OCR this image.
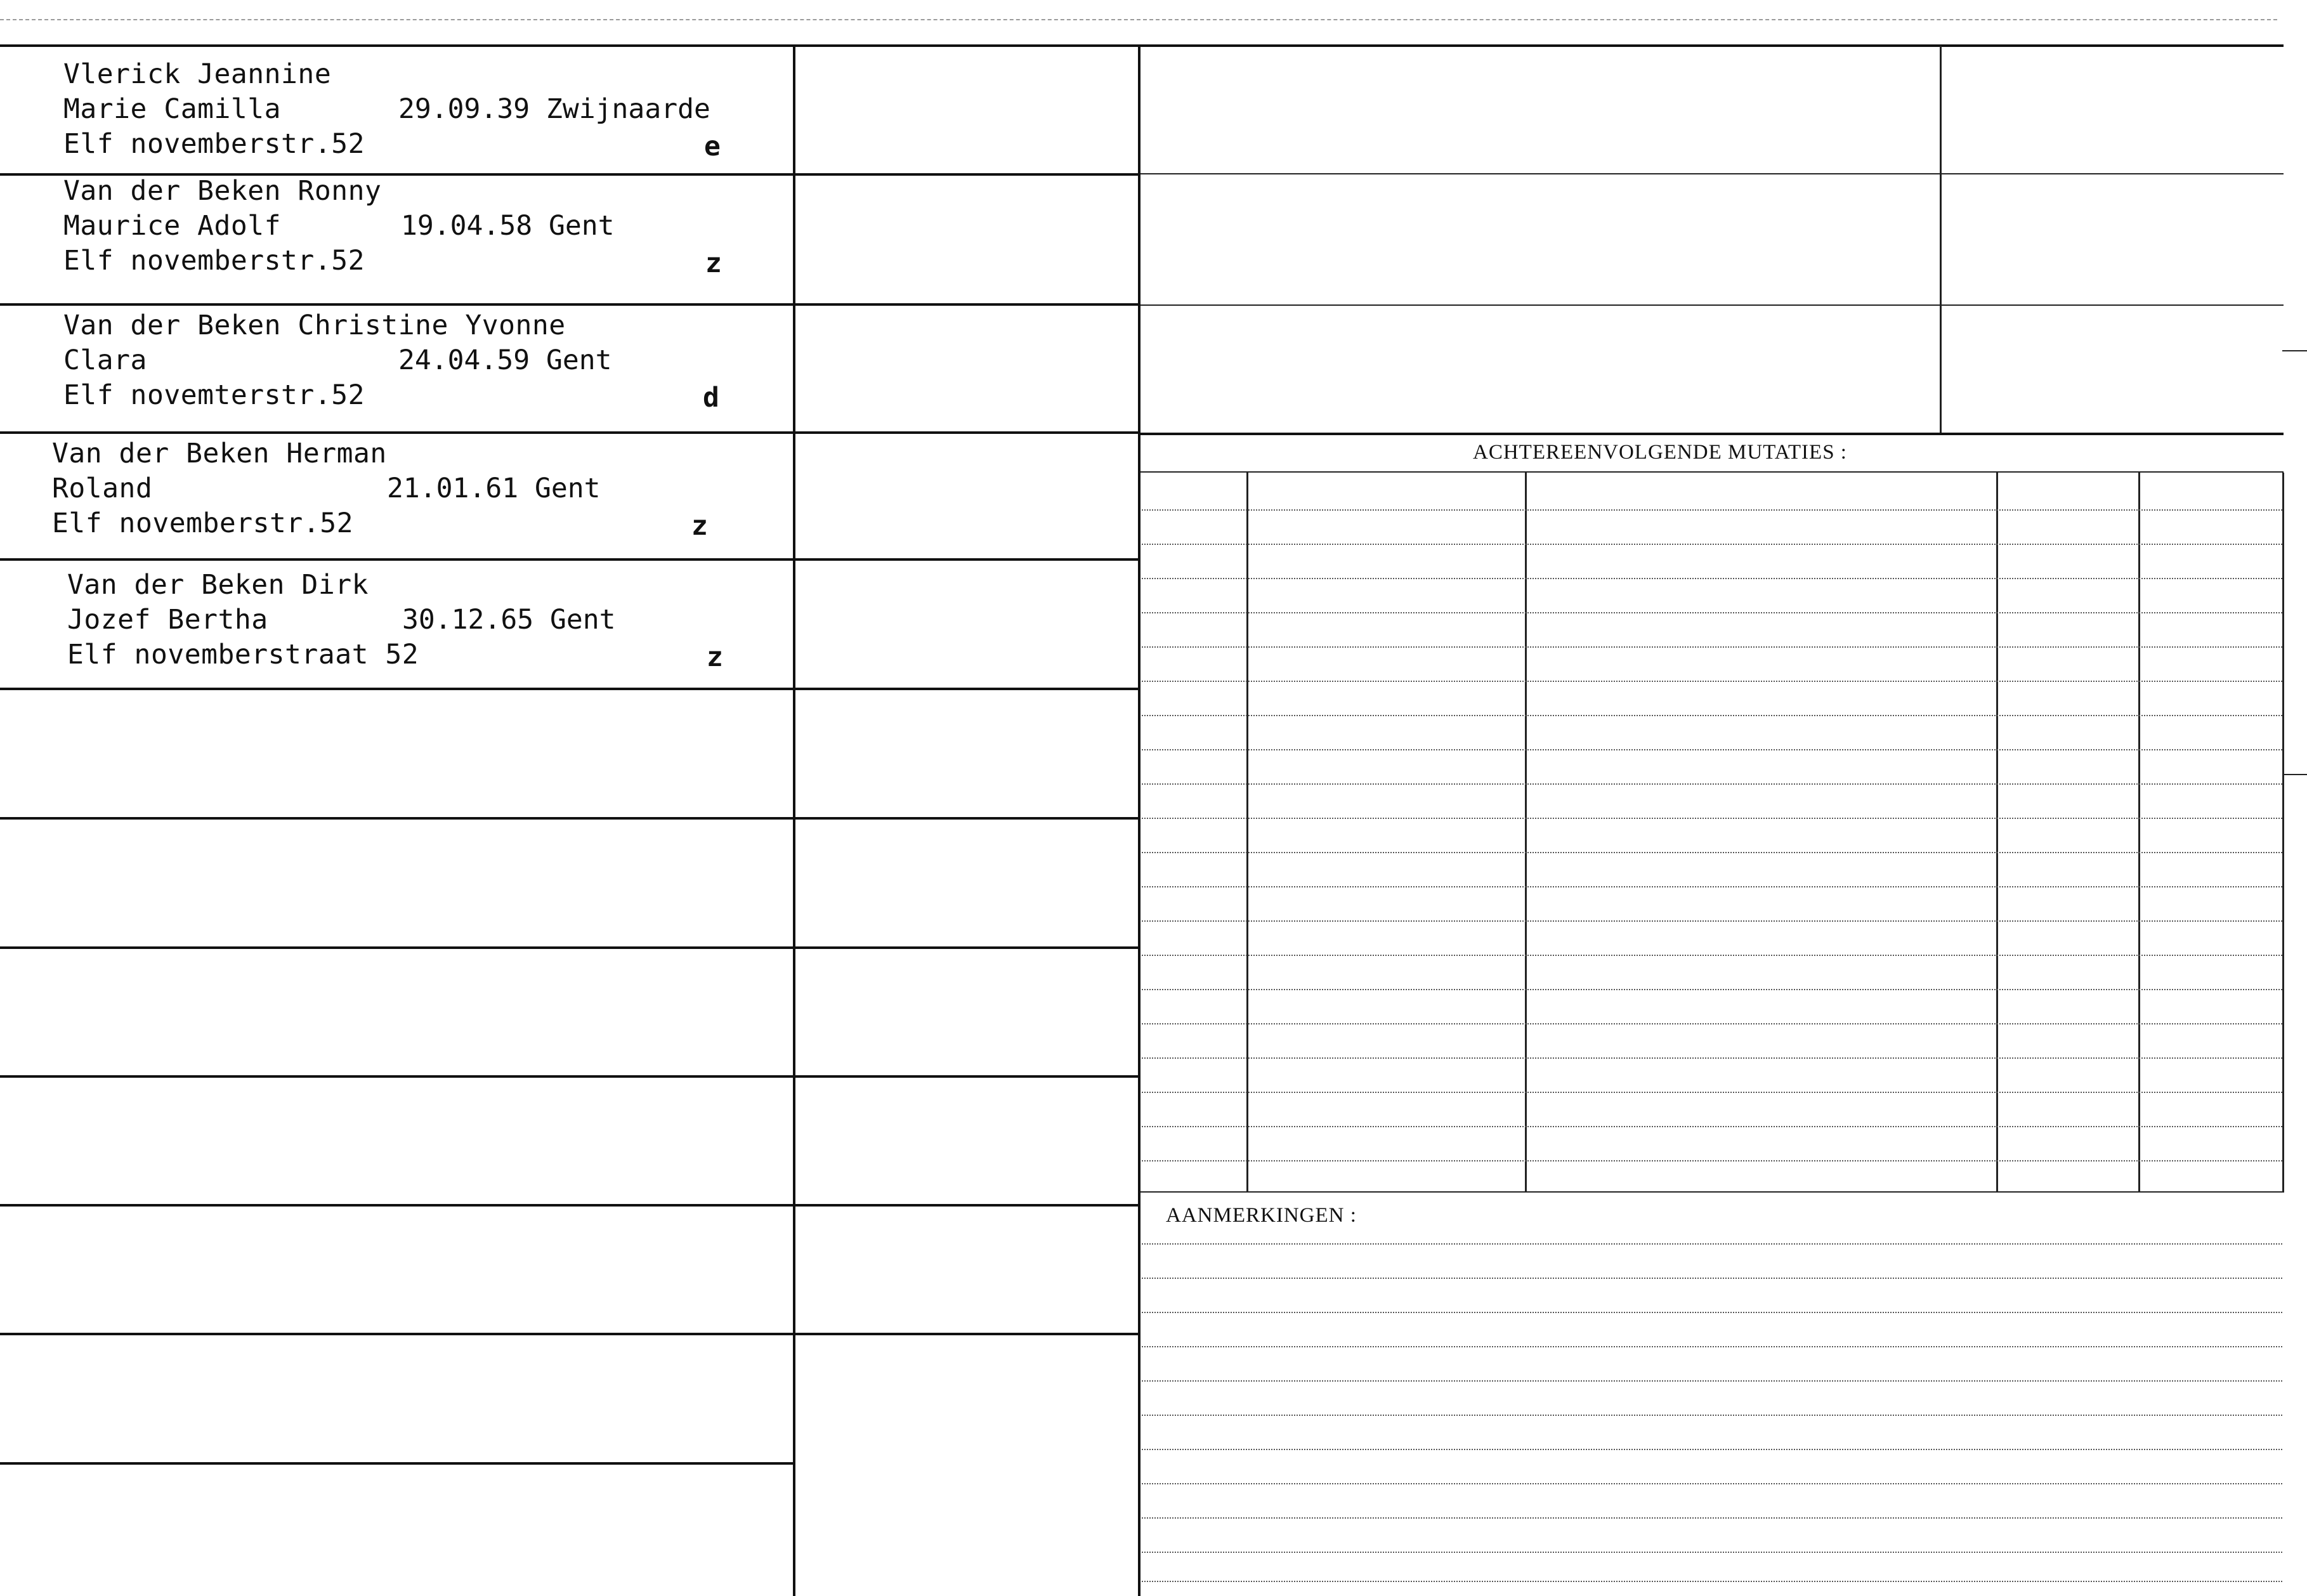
ACHTEREENVOLGENDE MUTATIES :
AANMERKINGEN :
Vlerick Jeannine
Marie Camilla	29.09.39 Zwijnaarde
Elf novemberstr.52	e
Van der Beken Ronny
Maurice Adolf	19.04.58 Gent
Elf novemberstr.52	z
Van der Beken Christine Yvonne
Clara	24.04.59 Gent
Elf novemterstr.52	d
Van der Beken Herman
Roland	21.01.61 Gent
Elf novemberstr.52	z
Van der Beken Dirk
Jozef Bertha	30.12.65 Gent
Elf novemberstraat 52	z
